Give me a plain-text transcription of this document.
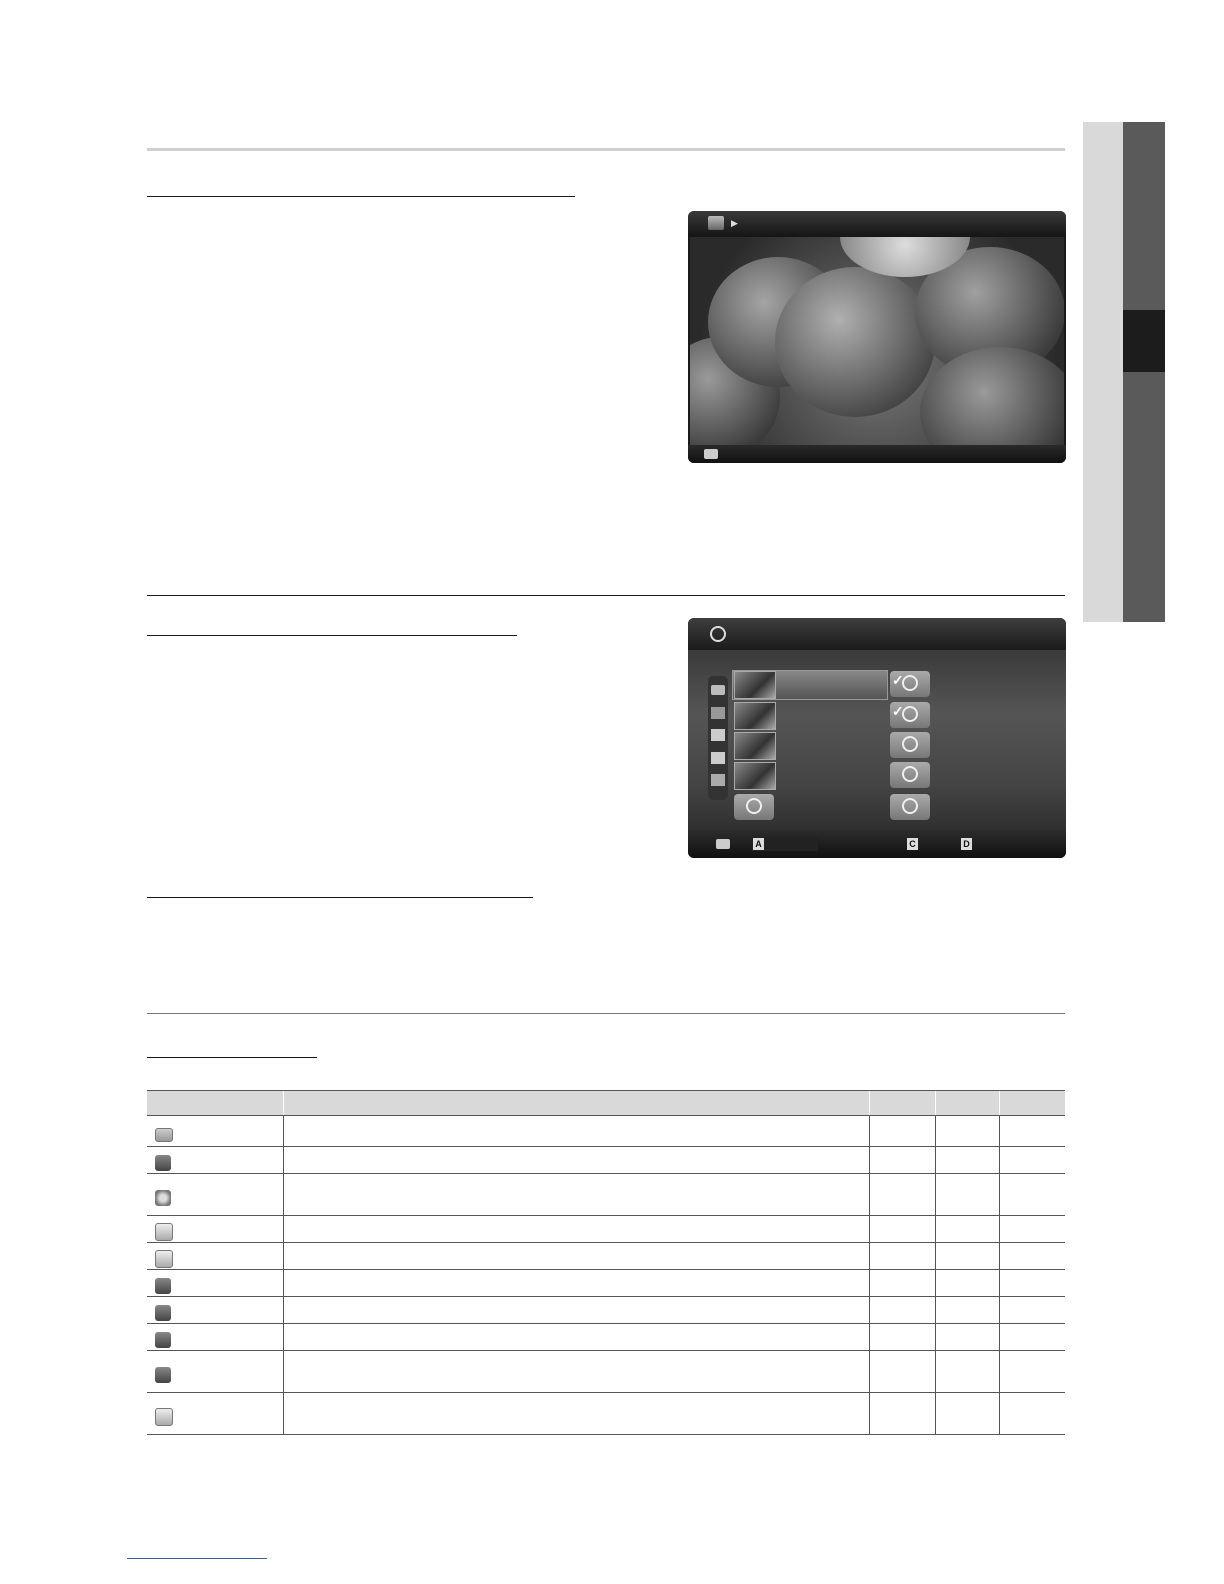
▶
✓
✓
A	C	D
